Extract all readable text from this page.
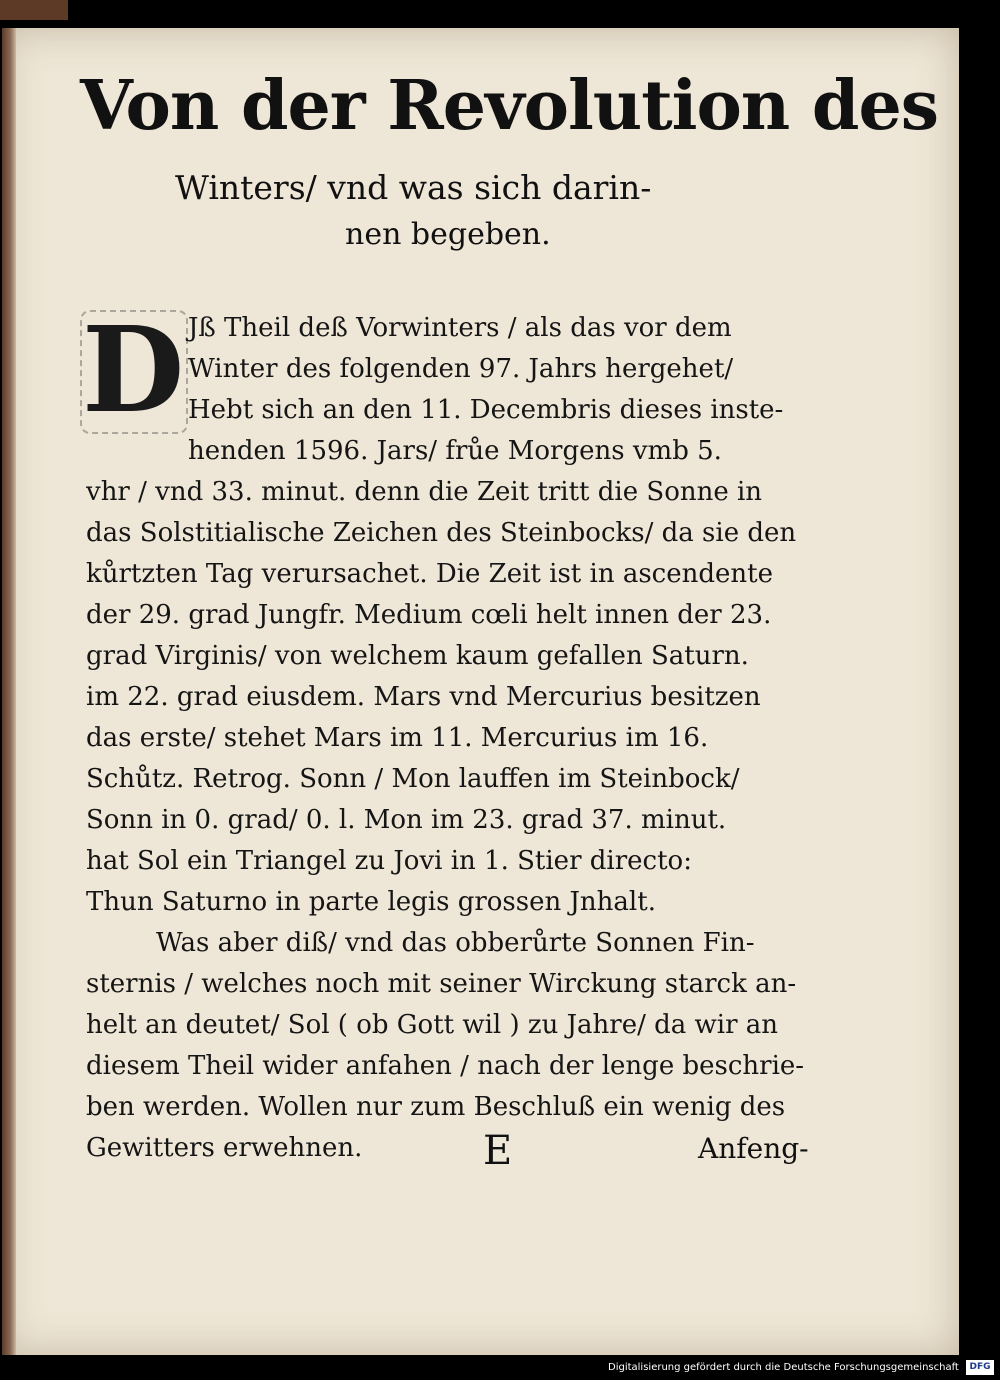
Von der Revolution des
Winters/ vnd was sich darin-
nen begeben.
D Jß Theil deß Vorwinters / als das vor dem
Winter des folgenden 97. Jahrs hergehet/
Hebt sich an den 11. Decembris dieses inste-
henden 1596. Jars/ frůe Morgens vmb 5.
vhr / vnd 33. minut. denn die Zeit tritt die Sonne in
das Solstitialische Zeichen des Steinbocks/ da sie den
kůrtzten Tag verursachet. Die Zeit ist in ascendente
der 29. grad Jungfr. Medium cœli helt innen der 23.
grad Virginis/ von welchem kaum gefallen Saturn.
im 22. grad eiusdem. Mars vnd Mercurius besitzen
das erste/ stehet Mars im 11. Mercurius im 16.
Schůtz. Retrog. Sonn / Mon lauffen im Steinbock/
Sonn in 0. grad/ 0. l. Mon im 23. grad 37. minut.
hat Sol ein Triangel zu Jovi in 1. Stier directo:
Thun Saturno in parte legis grossen Jnhalt.
Was aber diß/ vnd das obberůrte Sonnen Fin-
sternis / welches noch mit seiner Wirckung starck an-
helt an deutet/ Sol ( ob Gott wil ) zu Jahre/ da wir an
diesem Theil wider anfahen / nach der lenge beschrie-
ben werden. Wollen nur zum Beschluß ein wenig des
Gewitters erwehnen.	E	Anfeng-
Digitalisierung gefördert durch die Deutsche Forschungsgemeinschaft	DFG
